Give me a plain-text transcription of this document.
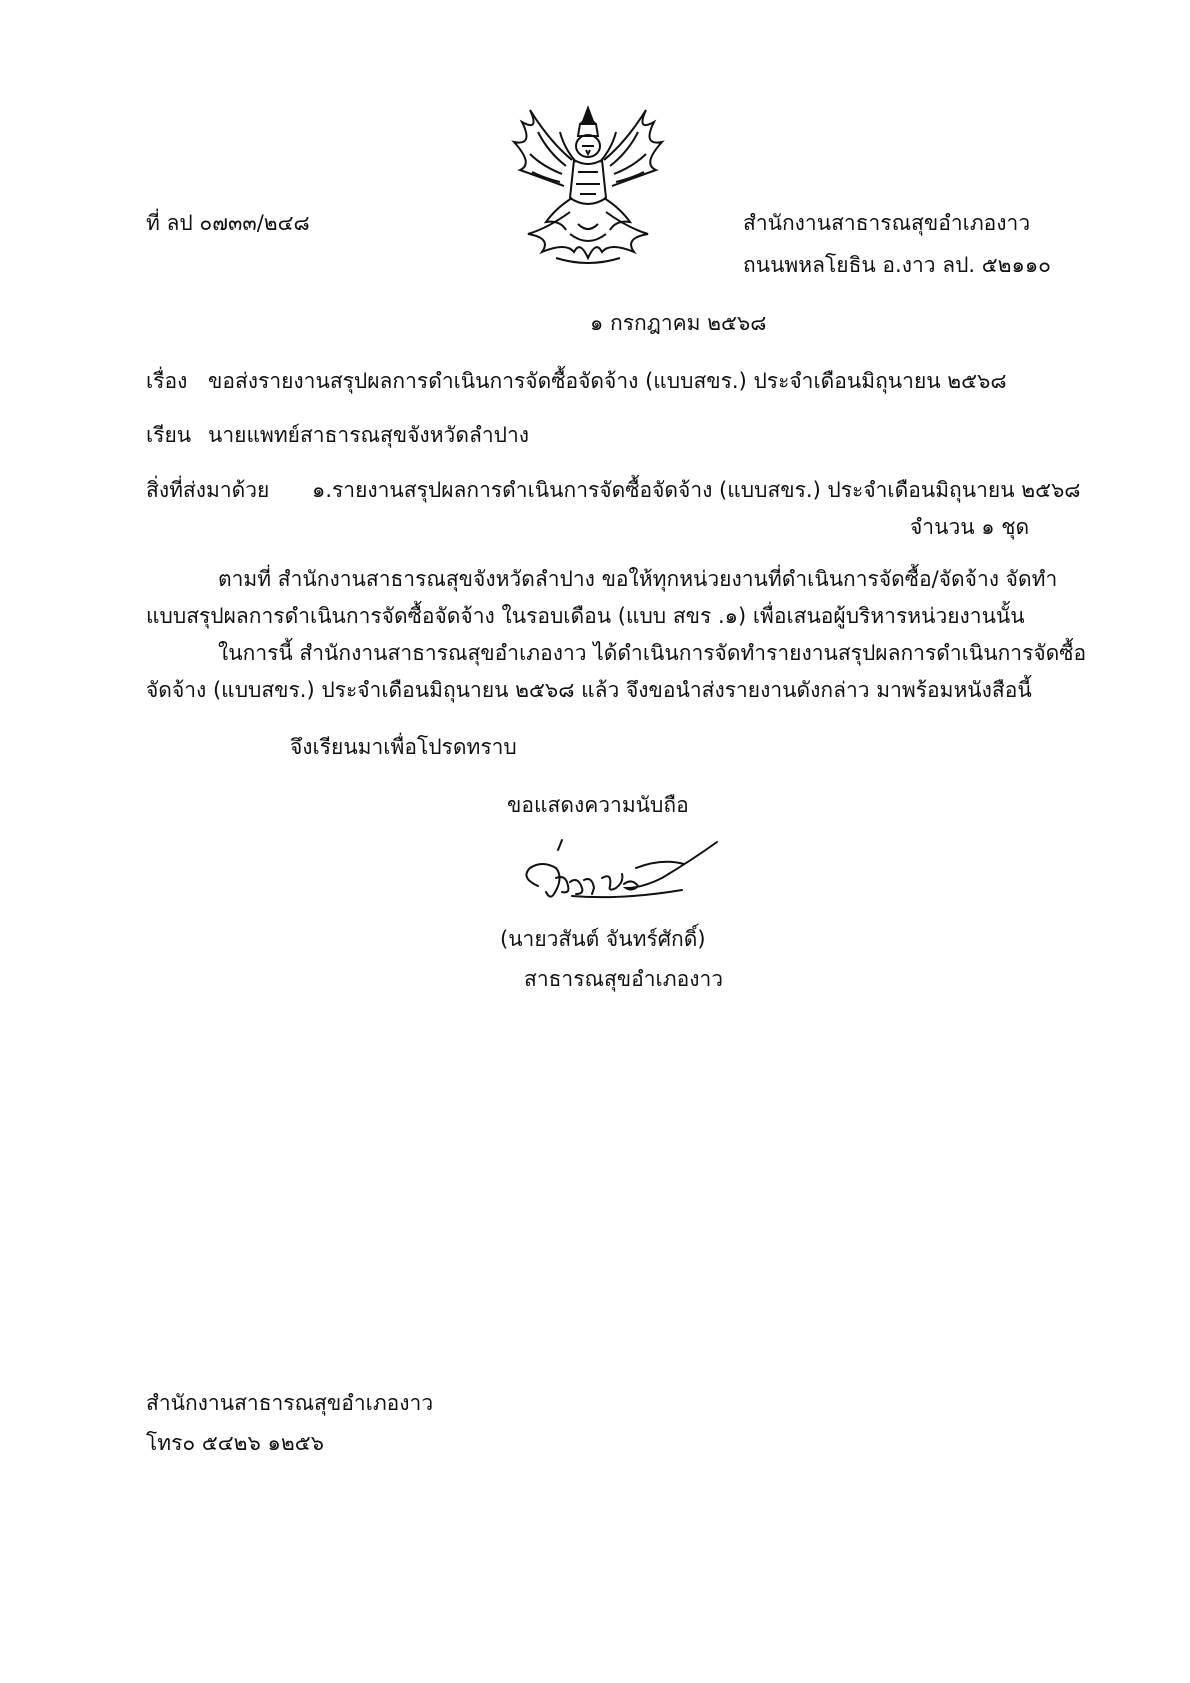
ที่ ลป ๐๗๓๓/๒๔๘	สำนักงานสาธารณสุขอำเภองาว
ถนนพหลโยธิน อ.งาว ลป. ๕๒๑๑๐
๑ กรกฎาคม ๒๕๖๘
เรื่อง ขอส่งรายงานสรุปผลการดำเนินการจัดซื้อจัดจ้าง (แบบสขร.) ประจำเดือนมิถุนายน ๒๕๖๘
เรียน นายแพทย์สาธารณสุขจังหวัดลำปาง
สิ่งที่ส่งมาด้วย ๑.รายงานสรุปผลการดำเนินการจัดซื้อจัดจ้าง (แบบสขร.) ประจำเดือนมิถุนายน ๒๕๖๘
จำนวน ๑ ชุด
ตามที่ สำนักงานสาธารณสุขจังหวัดลำปาง ขอให้ทุกหน่วยงานที่ดำเนินการจัดซื้อ/จัดจ้าง จัดทำ
แบบสรุปผลการดำเนินการจัดซื้อจัดจ้าง ในรอบเดือน (แบบ สขร .๑) เพื่อเสนอผู้บริหารหน่วยงานนั้น
ในการนี้ สำนักงานสาธารณสุขอำเภองาว ได้ดำเนินการจัดทำรายงานสรุปผลการดำเนินการจัดซื้อ
จัดจ้าง (แบบสขร.) ประจำเดือนมิถุนายน ๒๕๖๘ แล้ว จึงขอนำส่งรายงานดังกล่าว มาพร้อมหนังสือนี้
จึงเรียนมาเพื่อโปรดทราบ
ขอแสดงความนับถือ
(นายวสันต์ จันทร์ศักดิ์)
สาธารณสุขอำเภองาว
สำนักงานสาธารณสุขอำเภองาว
โทร๐ ๕๔๒๖ ๑๒๕๖
